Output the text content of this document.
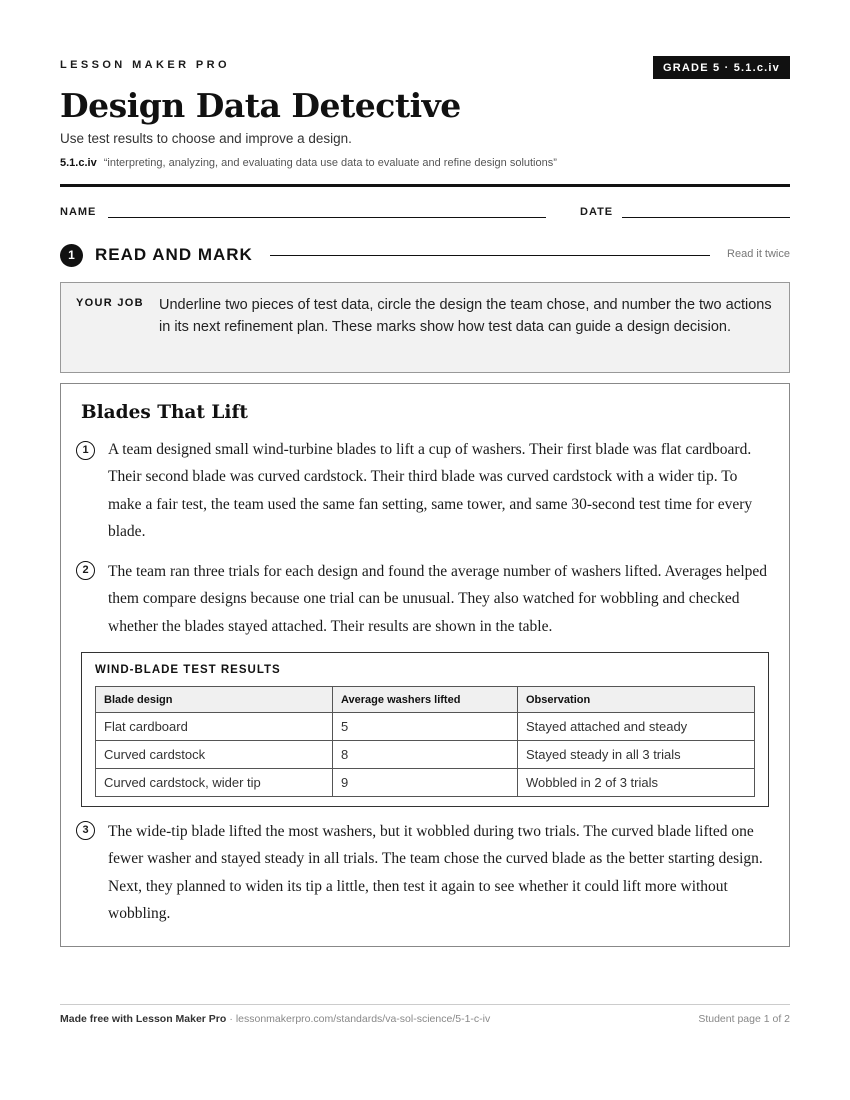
LESSON MAKER PRO	GRADE 5 · 5.1.c.iv
Design Data Detective
Use test results to choose and improve a design.
5.1.c.iv “interpreting, analyzing, and evaluating data use data to evaluate and refine design solutions”
NAME	DATE
1	READ AND MARK	Read it twice
YOUR JOB Underline two pieces of test data, circle the design the team chose, and number the two actions in its next refinement plan. These marks show how test data can guide a design decision.
Blades That Lift
1	A team designed small wind-turbine blades to lift a cup of washers. Their first blade was flat cardboard. Their second blade was curved cardstock. Their third blade was curved cardstock with a wider tip. To make a fair test, the team used the same fan setting, same tower, and same 30-second test time for every blade.

2	The team ran three trials for each design and found the average number of washers lifted. Averages helped them compare designs because one trial can be unusual. They also watched for wobbling and checked whether the blades stayed attached. Their results are shown in the table.

WIND-BLADE TEST RESULTS
Blade design	Average washers lifted	Observation
Flat cardboard	5	Stayed attached and steady
Curved cardstock	8	Stayed steady in all 3 trials
Curved cardstock, wider tip	9	Wobbled in 2 of 3 trials
3	The wide-tip blade lifted the most washers, but it wobbled during two trials. The curved blade lifted one fewer washer and stayed steady in all trials. The team chose the curved blade as the better starting design. Next, they planned to widen its tip a little, then test it again to see whether it could lift more without wobbling.

Made free with Lesson Maker Pro · lessonmakerpro.com/standards/va-sol-science/5-1-c-iv	Student page 1 of 2
